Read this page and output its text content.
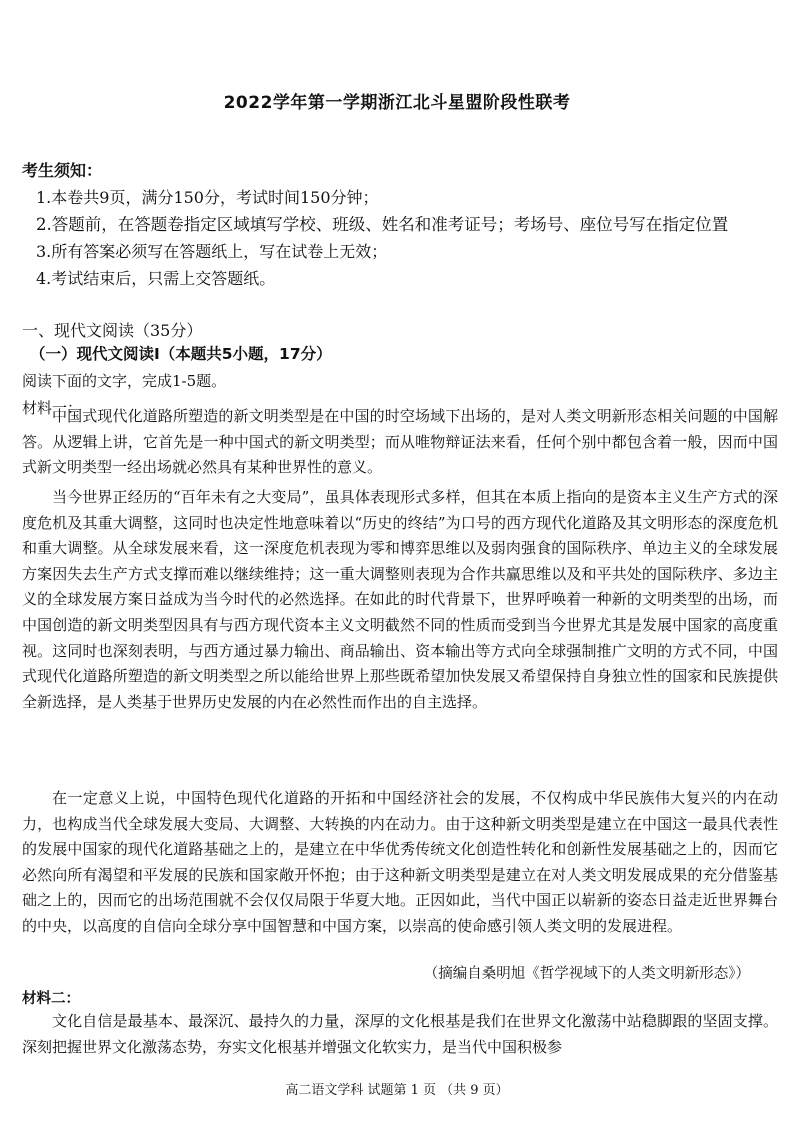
2022学年第一学期浙江北斗星盟阶段性联考
考生须知：
1.本卷共9页，满分150分，考试时间150分钟；
2.答题前，在答题卷指定区域填写学校、班级、姓名和准考证号；考场号、座位号写在指定位置
3.所有答案必须写在答题纸上，写在试卷上无效；
4.考试结束后，只需上交答题纸。
一、现代文阅读（35分）
（一）现代文阅读Ⅰ（本题共5小题，17分）
阅读下面的文字，完成1-5题。
材料一：

中国式现代化道路所塑造的新文明类型是在中国的时空场域下出场的，是对人类文明新形态相关问题的中国解答。从逻辑上讲，它首先是一种中国式的新文明类型；而从唯物辩证法来看，任何个别中都包含着一般，因而中国式新文明类型一经出场就必然具有某种世界性的意义。

当今世界正经历的“百年未有之大变局”，虽具体表现形式多样，但其在本质上指向的是资本主义生产方式的深度危机及其重大调整，这同时也决定性地意味着以“历史的终结”为口号的西方现代化道路及其文明形态的深度危机和重大调整。从全球发展来看，这一深度危机表现为零和博弈思维以及弱肉强食的国际秩序、单边主义的全球发展方案因失去生产方式支撑而难以继续维持；这一重大调整则表现为合作共赢思维以及和平共处的国际秩序、多边主义的全球发展方案日益成为当今时代的必然选择。在如此的时代背景下，世界呼唤着一种新的文明类型的出场，而中国创造的新文明类型因具有与西方现代资本主义文明截然不同的性质而受到当今世界尤其是发展中国家的高度重视。这同时也深刻表明，与西方通过暴力输出、商品输出、资本输出等方式向全球强制推广文明的方式不同，中国式现代化道路所塑造的新文明类型之所以能给世界上那些既希望加快发展又希望保持自身独立性的国家和民族提供全新选择，是人类基于世界历史发展的内在必然性而作出的自主选择。

在一定意义上说，中国特色现代化道路的开拓和中国经济社会的发展，不仅构成中华民族伟大复兴的内在动力，也构成当代全球发展大变局、大调整、大转换的内在动力。由于这种新文明类型是建立在中国这一最具代表性的发展中国家的现代化道路基础之上的，是建立在中华优秀传统文化创造性转化和创新性发展基础之上的，因而它必然向所有渴望和平发展的民族和国家敞开怀抱；由于这种新文明类型是建立在对人类文明发展成果的充分借鉴基础之上的，因而它的出场范围就不会仅仅局限于华夏大地。正因如此，当代中国正以崭新的姿态日益走近世界舞台的中央，以高度的自信向全球分享中国智慧和中国方案，以崇高的使命感引领人类文明的发展进程。

（摘编自桑明旭《哲学视域下的人类文明新形态》）
材料二：

文化自信是最基本、最深沉、最持久的力量，深厚的文化根基是我们在世界文化激荡中站稳脚跟的坚固支撑。深刻把握世界文化激荡态势，夯实文化根基并增强文化软实力，是当代中国积极参

高二语文学科 试题第 1 页 （共 9 页）
